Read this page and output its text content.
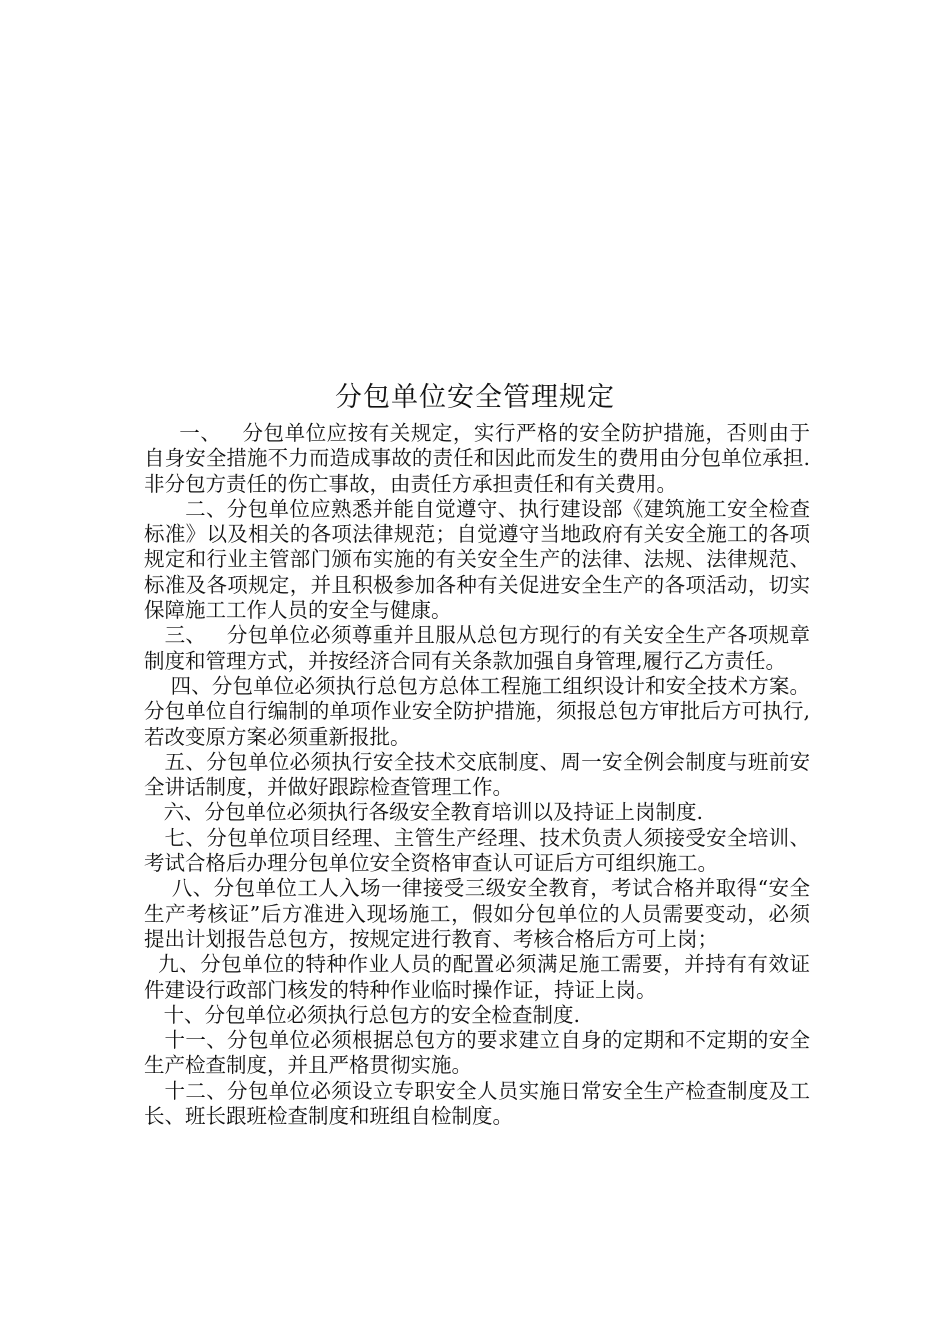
分包单位安全管理规定

一、   分包单位应按有关规定，实行严格的安全防护措施，否则由于自身安全措施不力而造成事故的责任和因此而发生的费用由分包单位承担.非分包方责任的伤亡事故，由责任方承担责任和有关费用。

二、分包单位应熟悉并能自觉遵守、执行建设部《建筑施工安全检查标准》以及相关的各项法律规范；自觉遵守当地政府有关安全施工的各项规定和行业主管部门颁布实施的有关安全生产的法律、法规、法律规范、标准及各项规定，并且积极参加各种有关促进安全生产的各项活动，切实保障施工工作人员的安全与健康。

三、   分包单位必须尊重并且服从总包方现行的有关安全生产各项规章制度和管理方式，并按经济合同有关条款加强自身管理,履行乙方责任。

四、分包单位必须执行总包方总体工程施工组织设计和安全技术方案。分包单位自行编制的单项作业安全防护措施，须报总包方审批后方可执行,若改变原方案必须重新报批。

五、分包单位必须执行安全技术交底制度、周一安全例会制度与班前安全讲话制度，并做好跟踪检查管理工作。

六、分包单位必须执行各级安全教育培训以及持证上岗制度.

七、分包单位项目经理、主管生产经理、技术负责人须接受安全培训、考试合格后办理分包单位安全资格审查认可证后方可组织施工。

八、分包单位工人入场一律接受三级安全教育，考试合格并取得“安全生产考核证”后方准进入现场施工，假如分包单位的人员需要变动，必须提出计划报告总包方，按规定进行教育、考核合格后方可上岗；

九、分包单位的特种作业人员的配置必须满足施工需要，并持有有效证件建设行政部门核发的特种作业临时操作证，持证上岗。

十、分包单位必须执行总包方的安全检查制度.

十一、分包单位必须根据总包方的要求建立自身的定期和不定期的安全生产检查制度，并且严格贯彻实施。

十二、分包单位必须设立专职安全人员实施日常安全生产检查制度及工长、班长跟班检查制度和班组自检制度。
